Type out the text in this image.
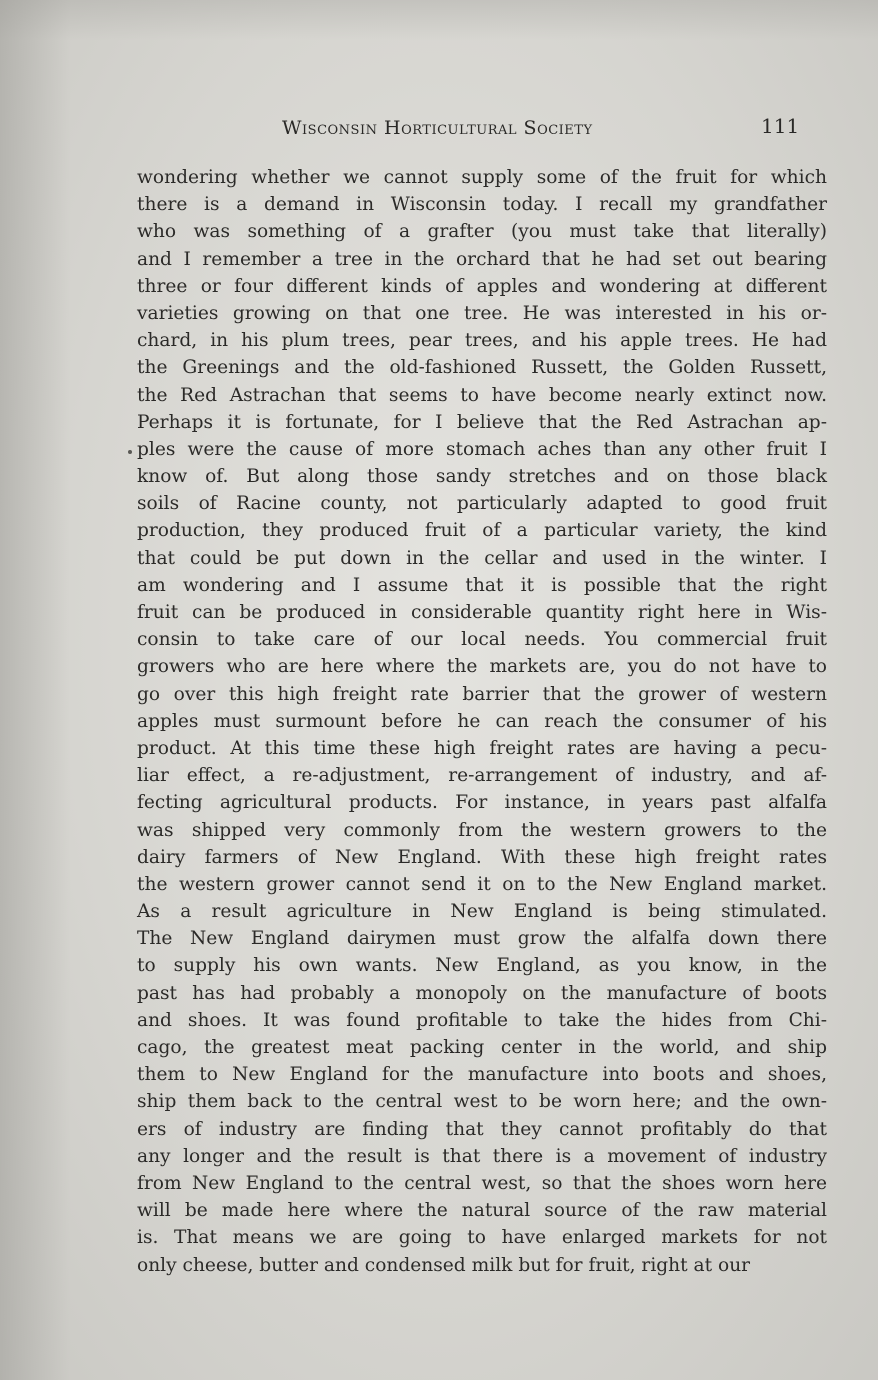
Wisconsin Horticultural Society	111
wondering whether we cannot supply some of the fruit for which
there is a demand in Wisconsin today. I recall my grandfather
who was something of a grafter (you must take that literally)
and I remember a tree in the orchard that he had set out bearing
three or four different kinds of apples and wondering at different
varieties growing on that one tree. He was interested in his or-
chard, in his plum trees, pear trees, and his apple trees. He had
the Greenings and the old-fashioned Russett, the Golden Russett,
the Red Astrachan that seems to have become nearly extinct now.
Perhaps it is fortunate, for I believe that the Red Astrachan ap-
ples were the cause of more stomach aches than any other fruit I
know of. But along those sandy stretches and on those black
soils of Racine county, not particularly adapted to good fruit
production, they produced fruit of a particular variety, the kind
that could be put down in the cellar and used in the winter. I
am wondering and I assume that it is possible that the right
fruit can be produced in considerable quantity right here in Wis-
consin to take care of our local needs. You commercial fruit
growers who are here where the markets are, you do not have to
go over this high freight rate barrier that the grower of western
apples must surmount before he can reach the consumer of his
product. At this time these high freight rates are having a pecu-
liar effect, a re-adjustment, re-arrangement of industry, and af-
fecting agricultural products. For instance, in years past alfalfa
was shipped very commonly from the western growers to the
dairy farmers of New England. With these high freight rates
the western grower cannot send it on to the New England market.
As a result agriculture in New England is being stimulated.
The New England dairymen must grow the alfalfa down there
to supply his own wants. New England, as you know, in the
past has had probably a monopoly on the manufacture of boots
and shoes. It was found profitable to take the hides from Chi-
cago, the greatest meat packing center in the world, and ship
them to New England for the manufacture into boots and shoes,
ship them back to the central west to be worn here; and the own-
ers of industry are finding that they cannot profitably do that
any longer and the result is that there is a movement of industry
from New England to the central west, so that the shoes worn here
will be made here where the natural source of the raw material
is. That means we are going to have enlarged markets for not
only cheese, butter and condensed milk but for fruit, right at our
